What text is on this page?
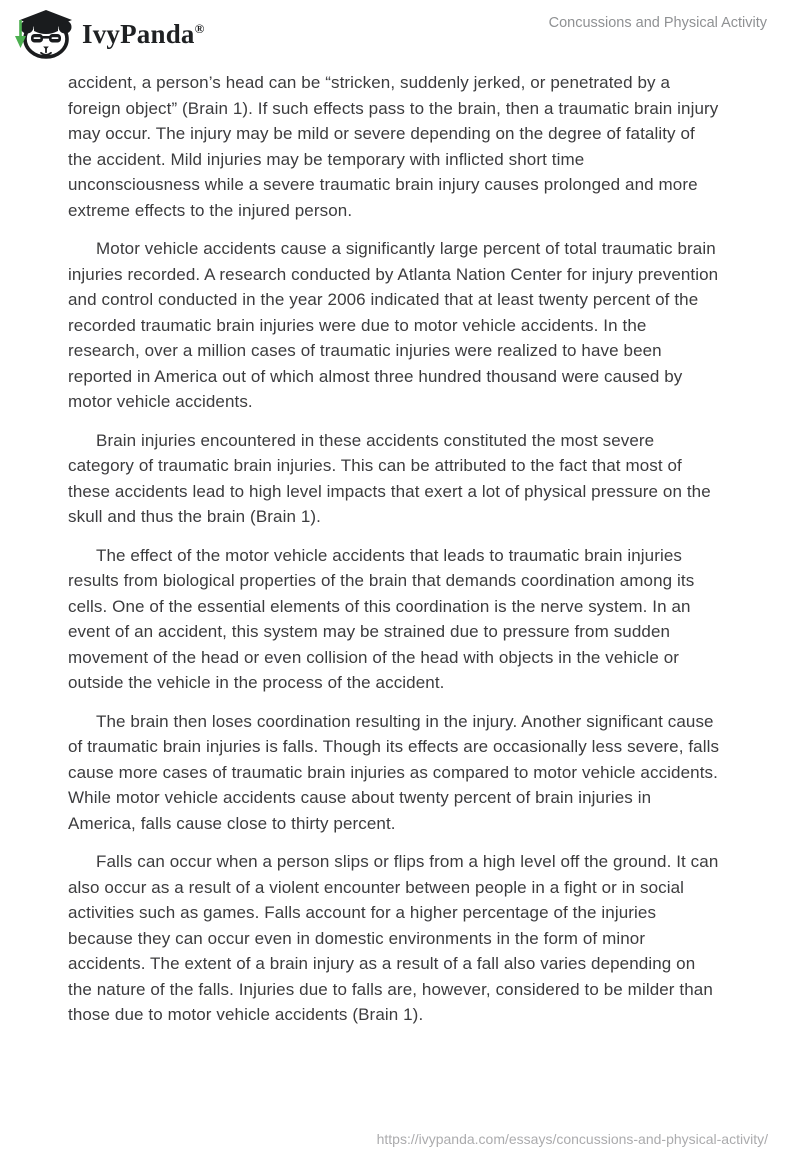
IvyPanda®	Concussions and Physical Activity

accident, a person’s head can be “stricken, suddenly jerked, or penetrated by a foreign object” (Brain 1). If such effects pass to the brain, then a traumatic brain injury may occur. The injury may be mild or severe depending on the degree of fatality of the accident. Mild injuries may be temporary with inflicted short time unconsciousness while a severe traumatic brain injury causes prolonged and more extreme effects to the injured person.

Motor vehicle accidents cause a significantly large percent of total traumatic brain injuries recorded. A research conducted by Atlanta Nation Center for injury prevention and control conducted in the year 2006 indicated that at least twenty percent of the recorded traumatic brain injuries were due to motor vehicle accidents. In the research, over a million cases of traumatic injuries were realized to have been reported in America out of which almost three hundred thousand were caused by motor vehicle accidents.

Brain injuries encountered in these accidents constituted the most severe category of traumatic brain injuries. This can be attributed to the fact that most of these accidents lead to high level impacts that exert a lot of physical pressure on the skull and thus the brain (Brain 1).

The effect of the motor vehicle accidents that leads to traumatic brain injuries results from biological properties of the brain that demands coordination among its cells. One of the essential elements of this coordination is the nerve system. In an event of an accident, this system may be strained due to pressure from sudden movement of the head or even collision of the head with objects in the vehicle or outside the vehicle in the process of the accident.

The brain then loses coordination resulting in the injury. Another significant cause of traumatic brain injuries is falls. Though its effects are occasionally less severe, falls cause more cases of traumatic brain injuries as compared to motor vehicle accidents. While motor vehicle accidents cause about twenty percent of brain injuries in America, falls cause close to thirty percent.

Falls can occur when a person slips or flips from a high level off the ground. It can also occur as a result of a violent encounter between people in a fight or in social activities such as games. Falls account for a higher percentage of the injuries because they can occur even in domestic environments in the form of minor accidents. The extent of a brain injury as a result of a fall also varies depending on the nature of the falls. Injuries due to falls are, however, considered to be milder than those due to motor vehicle accidents (Brain 1).

https://ivypanda.com/essays/concussions-and-physical-activity/
